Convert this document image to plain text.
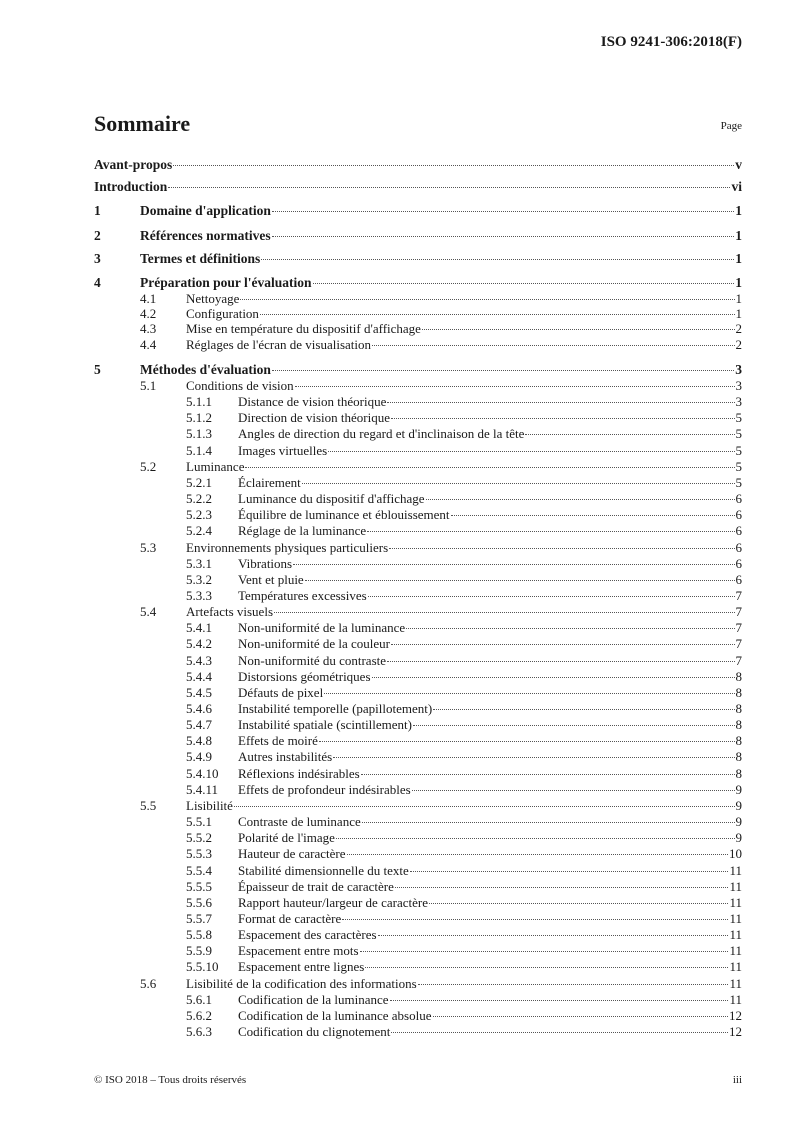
ISO 9241-306:2018(F)
Sommaire	Page
Avant-propos	v
Introduction	vi
1	Domaine d'application	1
2	Références normatives	1
3	Termes et définitions	1
4	Préparation pour l'évaluation	1
4.1	Nettoyage	1
4.2	Configuration	1
4.3	Mise en température du dispositif d'affichage	2
4.4	Réglages de l'écran de visualisation	2
5	Méthodes d'évaluation	3
5.1	Conditions de vision	3
5.1.1	Distance de vision théorique	3
5.1.2	Direction de vision théorique	5
5.1.3	Angles de direction du regard et d'inclinaison de la tête	5
5.1.4	Images virtuelles	5
5.2	Luminance	5
5.2.1	Éclairement	5
5.2.2	Luminance du dispositif d'affichage	6
5.2.3	Équilibre de luminance et éblouissement	6
5.2.4	Réglage de la luminance	6
5.3	Environnements physiques particuliers	6
5.3.1	Vibrations	6
5.3.2	Vent et pluie	6
5.3.3	Températures excessives	7
5.4	Artefacts visuels	7
5.4.1	Non-uniformité de la luminance	7
5.4.2	Non-uniformité de la couleur	7
5.4.3	Non-uniformité du contraste	7
5.4.4	Distorsions géométriques	8
5.4.5	Défauts de pixel	8
5.4.6	Instabilité temporelle (papillotement)	8
5.4.7	Instabilité spatiale (scintillement)	8
5.4.8	Effets de moiré	8
5.4.9	Autres instabilités	8
5.4.10	Réflexions indésirables	8
5.4.11	Effets de profondeur indésirables	9
5.5	Lisibilité	9
5.5.1	Contraste de luminance	9
5.5.2	Polarité de l'image	9
5.5.3	Hauteur de caractère	10
5.5.4	Stabilité dimensionnelle du texte	11
5.5.5	Épaisseur de trait de caractère	11
5.5.6	Rapport hauteur/largeur de caractère	11
5.5.7	Format de caractère	11
5.5.8	Espacement des caractères	11
5.5.9	Espacement entre mots	11
5.5.10	Espacement entre lignes	11
5.6	Lisibilité de la codification des informations	11
5.6.1	Codification de la luminance	11
5.6.2	Codification de la luminance absolue	12
5.6.3	Codification du clignotement	12
© ISO 2018 – Tous droits réservés	iii
